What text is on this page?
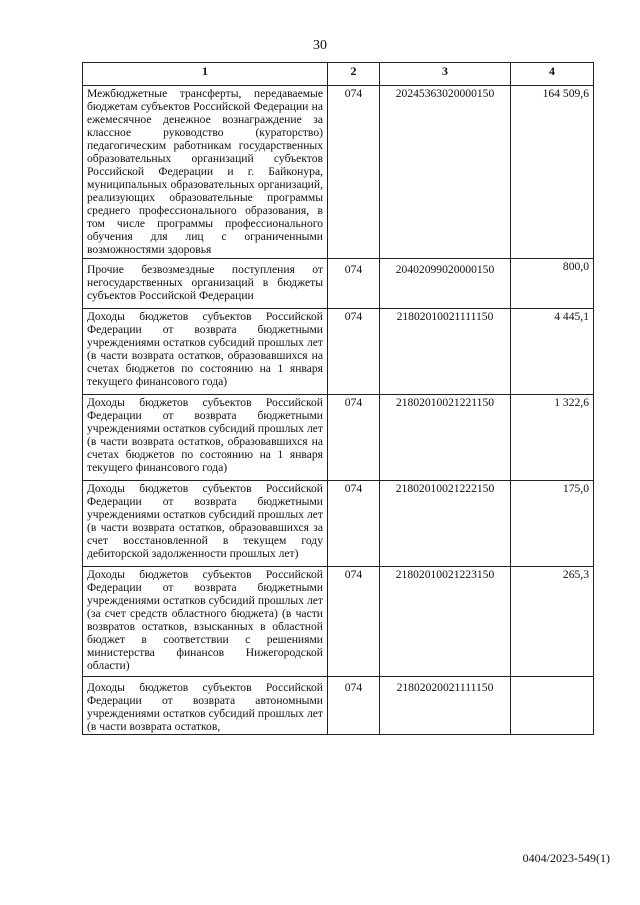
30
1	2	3	4
Межбюджетные трансферты, передаваемые бюджетам субъектов Российской Федерации на ежемесячное денежное вознаграждение за классное руководство (кураторство) педагогическим работникам государственных образовательных организаций субъектов Российской Федерации и г. Байконура, муниципальных образовательных организаций, реализующих образовательные программы среднего профессионального образования, в том числе программы профессионального обучения для лиц с ограниченными возможностями здоровья	074	20245363020000150	164 509,6
Прочие безвозмездные поступления от негосударственных организаций в бюджеты субъектов Российской Федерации	074	20402099020000150	800,0
Доходы бюджетов субъектов Российской Федерации от возврата бюджетными учреждениями остатков субсидий прошлых лет (в части возврата остатков, образовавшихся на счетах бюджетов по состоянию на 1 января текущего финансового года)	074	21802010021111150	4 445,1
Доходы бюджетов субъектов Российской Федерации от возврата бюджетными учреждениями остатков субсидий прошлых лет (в части возврата остатков, образовавшихся на счетах бюджетов по состоянию на 1 января текущего финансового года)	074	21802010021221150	1 322,6
Доходы бюджетов субъектов Российской Федерации от возврата бюджетными учреждениями остатков субсидий прошлых лет (в части возврата остатков, образовавшихся за счет восстановленной в текущем году дебиторской задолженности прошлых лет)	074	21802010021222150	175,0
Доходы бюджетов субъектов Российской Федерации от возврата бюджетными учреждениями остатков субсидий прошлых лет (за счет средств областного бюджета) (в части возвратов остатков, взысканных в областной бюджет в соответствии с решениями министерства финансов Нижегородской области)	074	21802010021223150	265,3
Доходы бюджетов субъектов Российской Федерации от возврата автономными учреждениями остатков субсидий прошлых лет (в части возврата остатков,	074	21802020021111150	
0404/2023-549(1)
